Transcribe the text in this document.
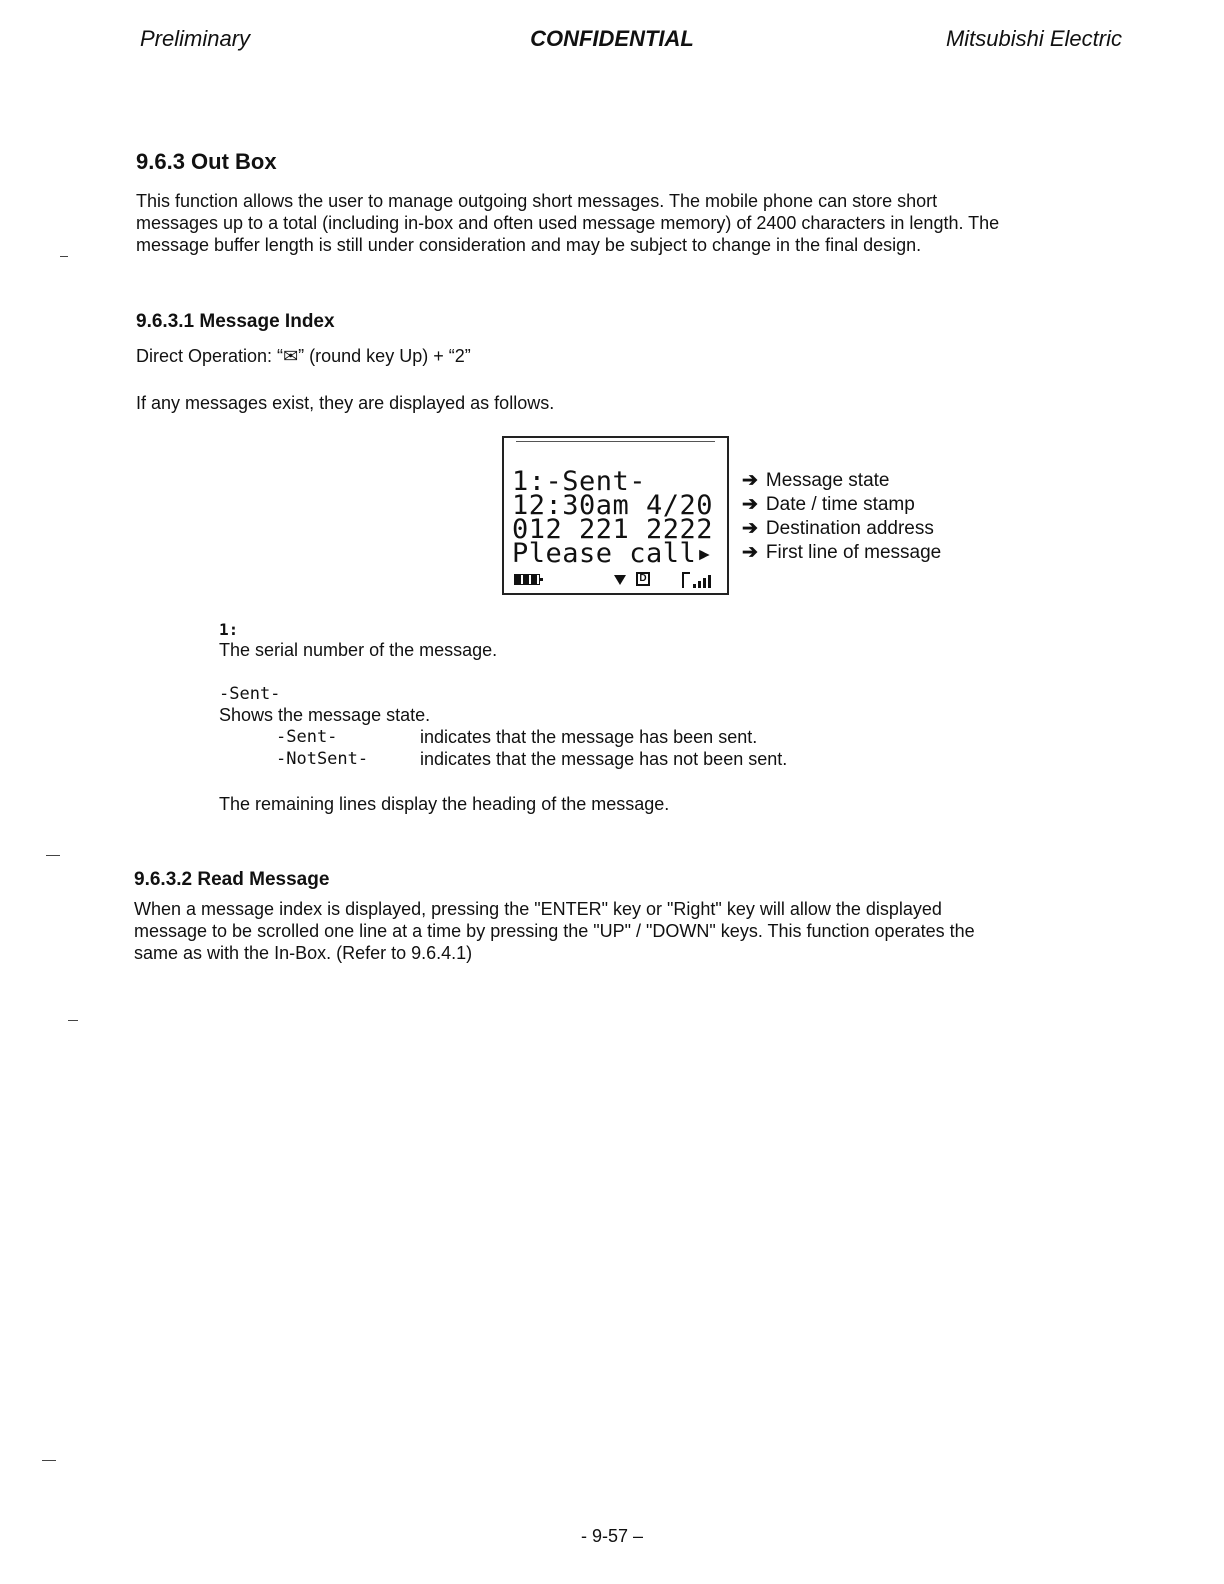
Preliminary	CONFIDENTIAL	Mitsubishi Electric
9.6.3 Out Box
This function allows the user to manage outgoing short messages. The mobile phone can store short
messages up to a total (including in-box and often used message memory) of 2400 characters in length. The
message buffer length is still under consideration and may be subject to change in the final design.
9.6.3.1 Message Index
Direct Operation: “✉” (round key Up) + “2”
If any messages exist, they are displayed as follows.
1:-Sent-
12:30am 4/20
012 221 2222
Please call▸
D
➔ Message state
➔ Date / time stamp
➔ Destination address
➔ First line of message
1:
The serial number of the message.
-Sent-
Shows the message state.
-Sent-	indicates that the message has been sent.
-NotSent-	indicates that the message has not been sent.
The remaining lines display the heading of the message.
9.6.3.2 Read Message
When a message index is displayed, pressing the "ENTER" key or "Right" key will allow the displayed
message to be scrolled one line at a time by pressing the "UP" / "DOWN" keys. This function operates the
same as with the In-Box. (Refer to 9.6.4.1)
- 9-57 –
